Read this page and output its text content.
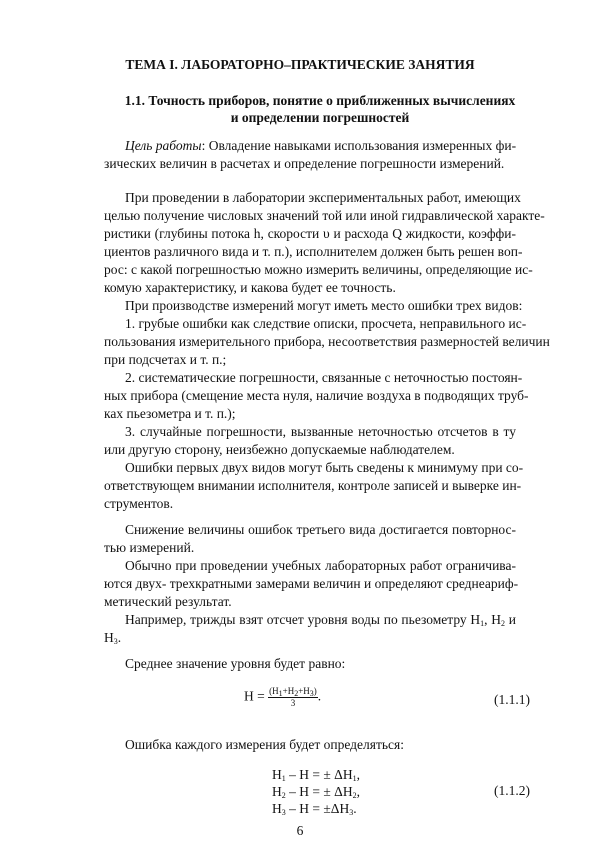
ТЕМА I. ЛАБОРАТОРНО–ПРАКТИЧЕСКИЕ ЗАНЯТИЯ
1.1. Точность приборов, понятие о приближенных вычислениях
и определении погрешностей
Цель работы: Овладение навыками использования измеренных фи-
зических величин в расчетах и определение погрешности измерений.
При проведении в лаборатории экспериментальных работ, имеющих
целью получение числовых значений той или иной гидравлической характе-
ристики (глубины потока h, скорости υ и расхода Q жидкости, коэффи-
циентов различного вида и т. п.), исполнителем должен быть решен воп-
рос: с какой погрешностью можно измерить величины, определяющие ис-
комую характеристику, и какова будет ее точность.
При производстве измерений могут иметь место ошибки трех видов:
1. грубые ошибки как следствие описки, просчета, неправильного ис-
пользования измерительного прибора, несоответствия размерностей величин
при подсчетах и т. п.;
2. систематические погрешности, связанные с неточностью постоян-
ных прибора (смещение места нуля, наличие воздуха в подводящих труб-
ках пьезометра и т. п.);
3. случайные погрешности, вызванные неточностью отсчетов в ту
или другую сторону, неизбежно допускаемые наблюдателем.
Ошибки первых двух видов могут быть сведены к минимуму при со-
ответствующем внимании исполнителя, контроле записей и выверке ин-
струментов.
Снижение величины ошибок третьего вида достигается повторнос-
тью измерений.
Обычно при проведении учебных лабораторных работ ограничива-
ются двух- трехкратными замерами величин и определяют среднеариф-
метический результат.
Например, трижды взят отсчет уровня воды по пьезометру $H_1$, $H_2$ и
$H_3$.
Среднее значение уровня будет равно:
$H = \frac{(H_1+H_2+H_3)}{3}$ .	(1.1.1)
Ошибка каждого измерения будет определяться:
$H_1$ – H = ± $\Delta H_1$,
$H_2$ – H = ± $\Delta H_2$,
$H_3 - H = \pm\Delta H_3$.
(1.1.2)
6
